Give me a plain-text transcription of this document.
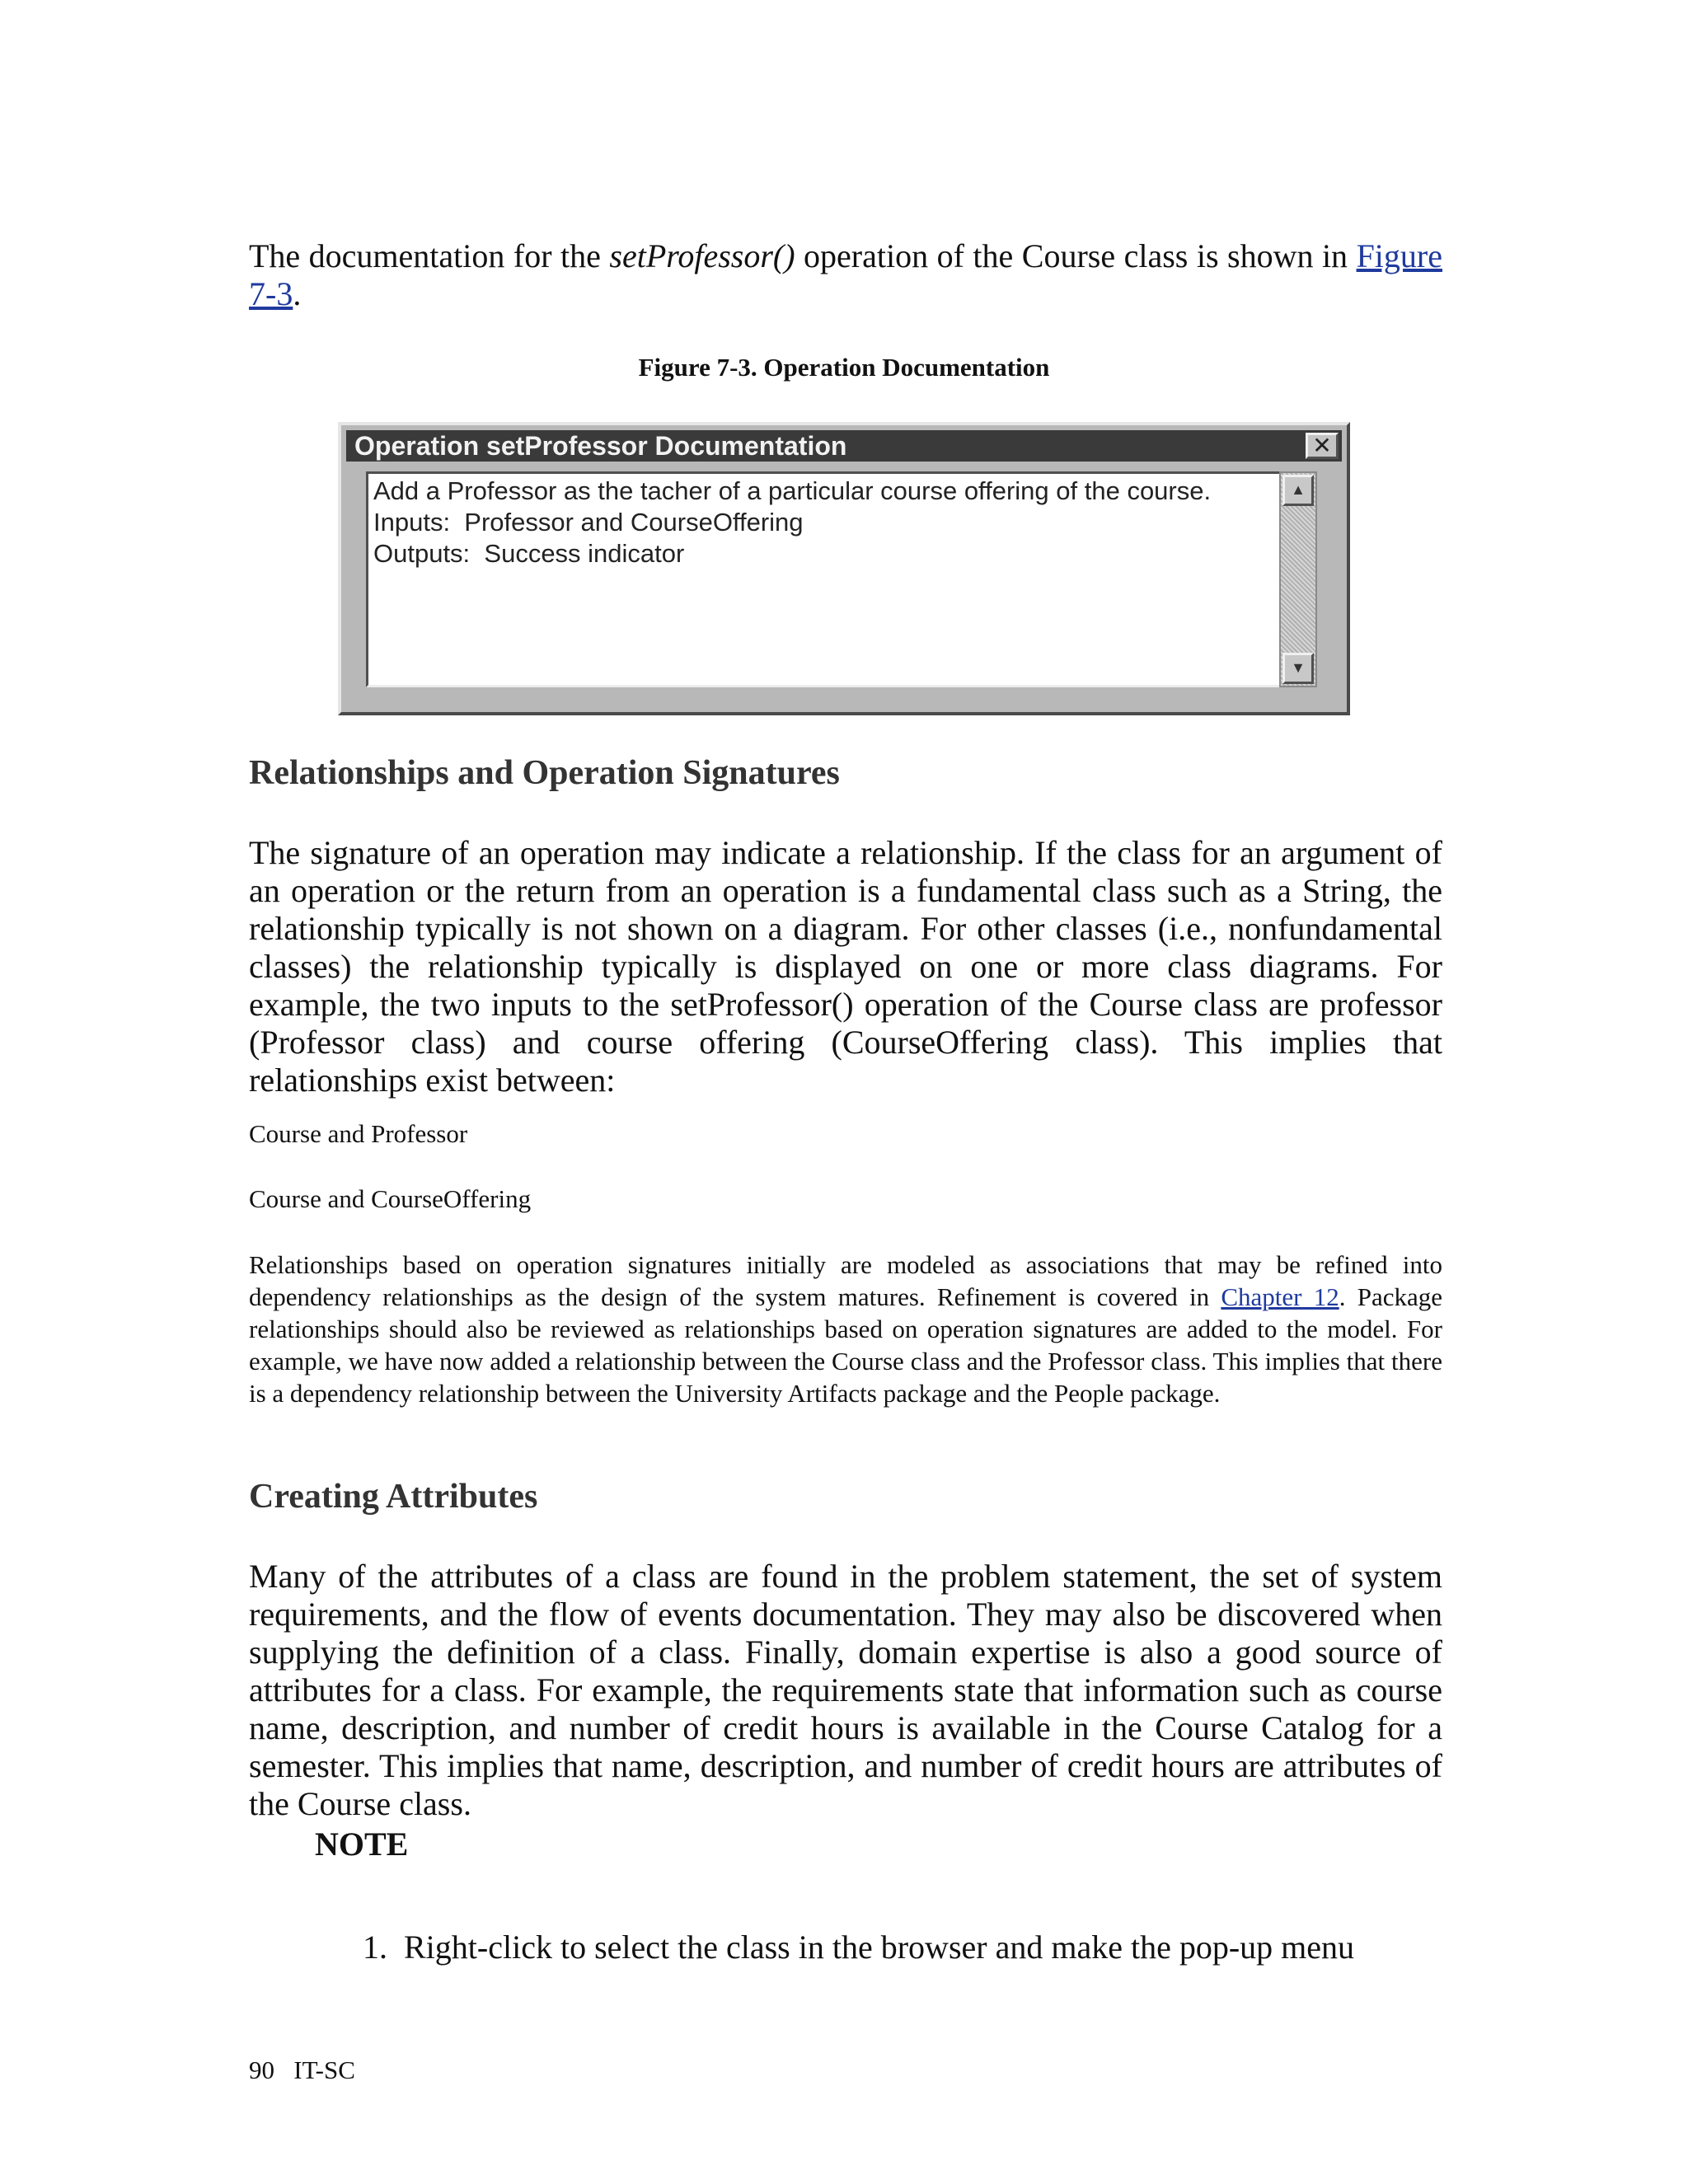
The documentation for the setProfessor() operation of the Course class is shown in Figure 7-3.

Figure 7-3. Operation Documentation

Operation setProfessor Documentation	✕

Add a Professor as the tacher of a particular course offering of the course.

Inputs:  Professor and CourseOffering

Outputs:  Success indicator

▲
▼
Relationships and Operation Signatures

The signature of an operation may indicate a relationship. If the class for an argument of an operation or the return from an operation is a fundamental class such as a String, the relationship typically is not shown on a diagram. For other classes (i.e., nonfundamental classes) the relationship typically is displayed on one or more class diagrams. For example, the two inputs to the setProfessor() operation of the Course class are professor (Professor class) and course offering (CourseOffering class). This implies that relationships exist between:

Course and Professor

Course and CourseOffering

Relationships based on operation signatures initially are modeled as associations that may be refined into dependency relationships as the design of the system matures. Refinement is covered in Chapter 12. Package relationships should also be reviewed as relationships based on operation signatures are added to the model. For example, we have now added a relationship between the Course class and the Professor class. This implies that there is a dependency relationship between the University Artifacts package and the People package.

Creating Attributes

Many of the attributes of a class are found in the problem statement, the set of system requirements, and the flow of events documentation. They may also be discovered when supplying the definition of a class. Finally, domain expertise is also a good source of attributes for a class. For example, the requirements state that information such as course name, description, and number of credit hours is available in the Course Catalog for a semester. This implies that name, description, and number of credit hours are attributes of the Course class.

NOTE

1. Right-click to select the class in the browser and make the pop-up menu

90 IT-SC
